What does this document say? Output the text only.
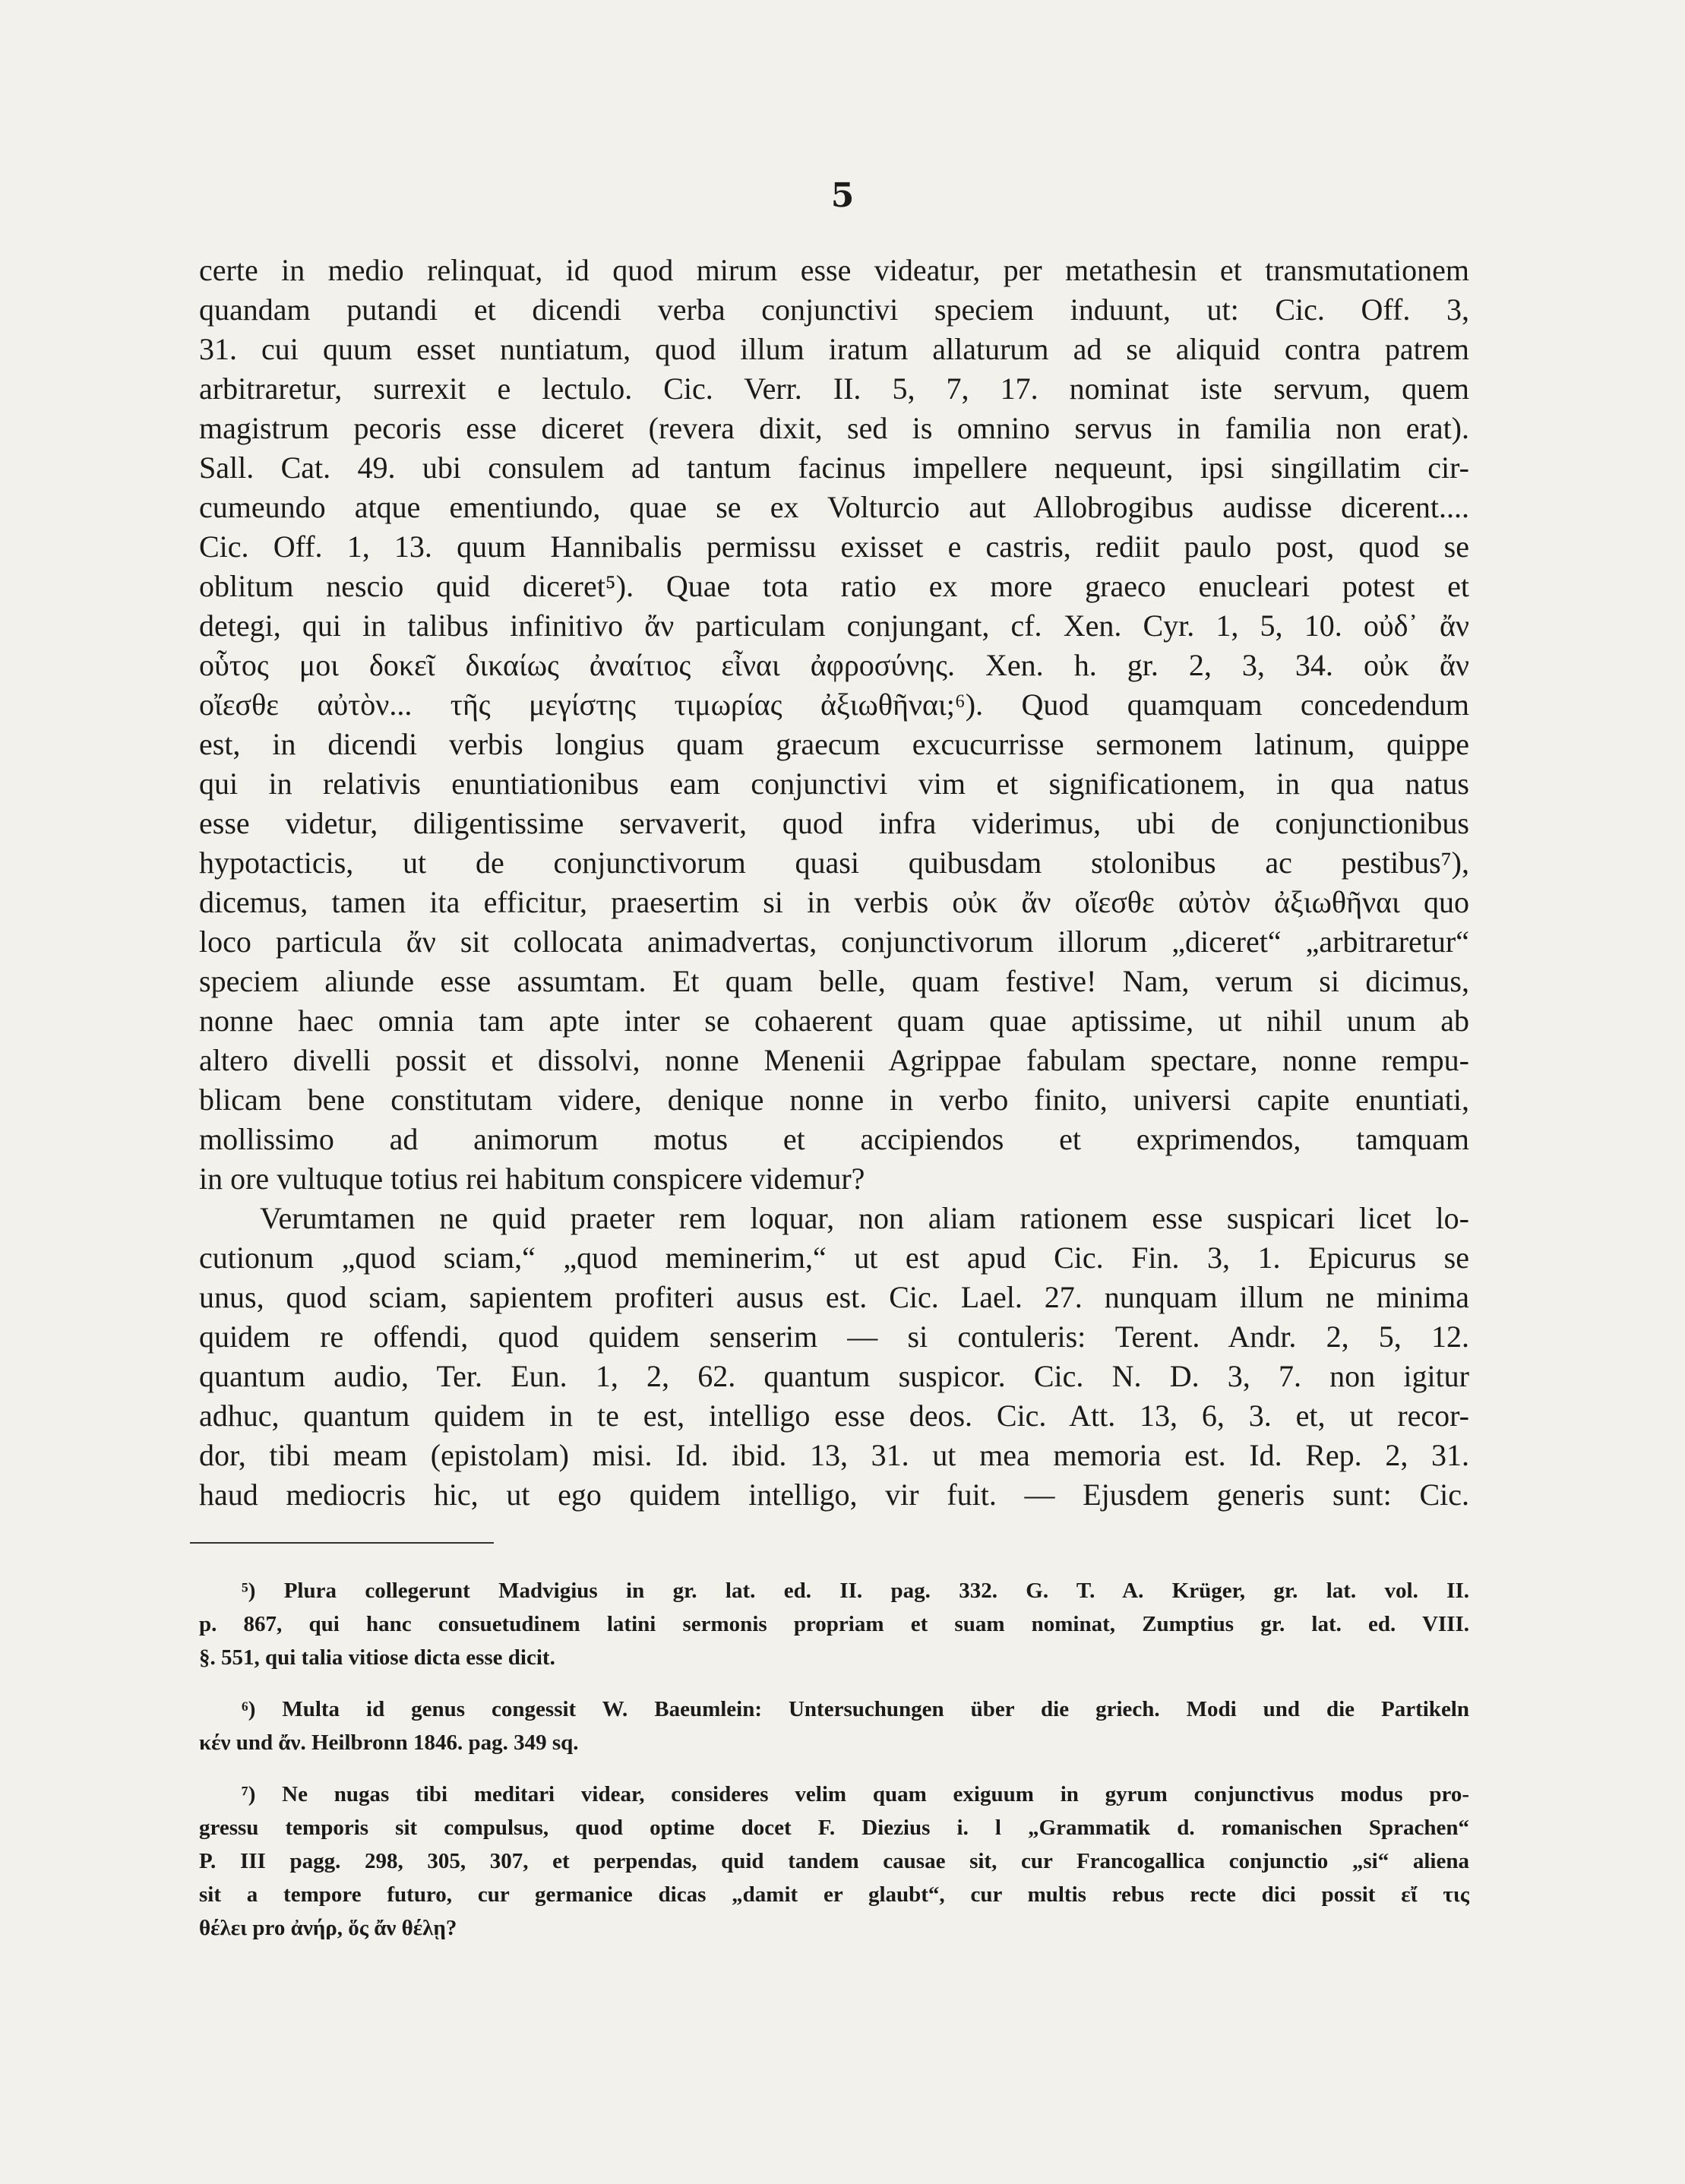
5
certe in medio relinquat, id quod mirum esse videatur, per metathesin et transmutationem
quandam putandi et dicendi verba conjunctivi speciem induunt, ut: Cic. Off. 3,
31. cui quum esset nuntiatum, quod illum iratum allaturum ad se aliquid contra patrem
arbitraretur, surrexit e lectulo. Cic. Verr. II. 5, 7, 17. nominat iste servum, quem
magistrum pecoris esse diceret (revera dixit, sed is omnino servus in familia non erat).
Sall. Cat. 49. ubi consulem ad tantum facinus impellere nequeunt, ipsi singillatim cir-
cumeundo atque ementiundo, quae se ex Volturcio aut Allobrogibus audisse dicerent....
Cic. Off. 1, 13. quum Hannibalis permissu exisset e castris, rediit paulo post, quod se
oblitum nescio quid diceret⁵). Quae tota ratio ex more graeco enucleari potest et
detegi, qui in talibus infinitivo ἄν particulam conjungant, cf. Xen. Cyr. 1, 5, 10. οὐδ᾽ ἄν
οὗτος μοι δοκεῖ δικαίως ἀναίτιος εἶναι ἀφροσύνης. Xen. h. gr. 2, 3, 34. οὐκ ἄν
οἴεσθε αὐτὸν... τῆς μεγίστης τιμωρίας ἀξιωθῆναι;⁶). Quod quamquam concedendum
est, in dicendi verbis longius quam graecum excucurrisse sermonem latinum, quippe
qui in relativis enuntiationibus eam conjunctivi vim et significationem, in qua natus
esse videtur, diligentissime servaverit, quod infra viderimus, ubi de conjunctionibus
hypotacticis, ut de conjunctivorum quasi quibusdam stolonibus ac pestibus⁷),
dicemus, tamen ita efficitur, praesertim si in verbis οὐκ ἄν οἴεσθε αὐτὸν ἀξιωθῆναι quo
loco particula ἄν sit collocata animadvertas, conjunctivorum illorum „diceret“ „arbitraretur“
speciem aliunde esse assumtam. Et quam belle, quam festive! Nam, verum si dicimus,
nonne haec omnia tam apte inter se cohaerent quam quae aptissime, ut nihil unum ab
altero divelli possit et dissolvi, nonne Menenii Agrippae fabulam spectare, nonne rempu-
blicam bene constitutam videre, denique nonne in verbo finito, universi capite enuntiati,
mollissimo ad animorum motus et accipiendos et exprimendos, tamquam
in ore vultuque totius rei habitum conspicere videmur?
Verumtamen ne quid praeter rem loquar, non aliam rationem esse suspicari licet lo-
cutionum „quod sciam,“ „quod meminerim,“ ut est apud Cic. Fin. 3, 1. Epicurus se
unus, quod sciam, sapientem profiteri ausus est. Cic. Lael. 27. nunquam illum ne minima
quidem re offendi, quod quidem senserim — si contuleris: Terent. Andr. 2, 5, 12.
quantum audio, Ter. Eun. 1, 2, 62. quantum suspicor. Cic. N. D. 3, 7. non igitur
adhuc, quantum quidem in te est, intelligo esse deos. Cic. Att. 13, 6, 3. et, ut recor-
dor, tibi meam (epistolam) misi. Id. ibid. 13, 31. ut mea memoria est. Id. Rep. 2, 31.
haud mediocris hic, ut ego quidem intelligo, vir fuit. — Ejusdem generis sunt: Cic.
⁵) Plura collegerunt Madvigius in gr. lat. ed. II. pag. 332. G. T. A. Krüger, gr. lat. vol. II.
p. 867, qui hanc consuetudinem latini sermonis propriam et suam nominat, Zumptius gr. lat. ed. VIII.
§. 551, qui talia vitiose dicta esse dicit.
⁶) Multa id genus congessit W. Baeumlein: Untersuchungen über die griech. Modi und die Partikeln
κέν und ἄν. Heilbronn 1846. pag. 349 sq.
⁷) Ne nugas tibi meditari videar, consideres velim quam exiguum in gyrum conjunctivus modus pro-
gressu temporis sit compulsus, quod optime docet F. Diezius i. l „Grammatik d. romanischen Sprachen“
P. III pagg. 298, 305, 307, et perpendas, quid tandem causae sit, cur Francogallica conjunctio „si“ aliena
sit a tempore futuro, cur germanice dicas „damit er glaubt“, cur multis rebus recte dici possit εἴ τις
θέλει pro ἀνήρ, ὅς ἄν θέλῃ?
